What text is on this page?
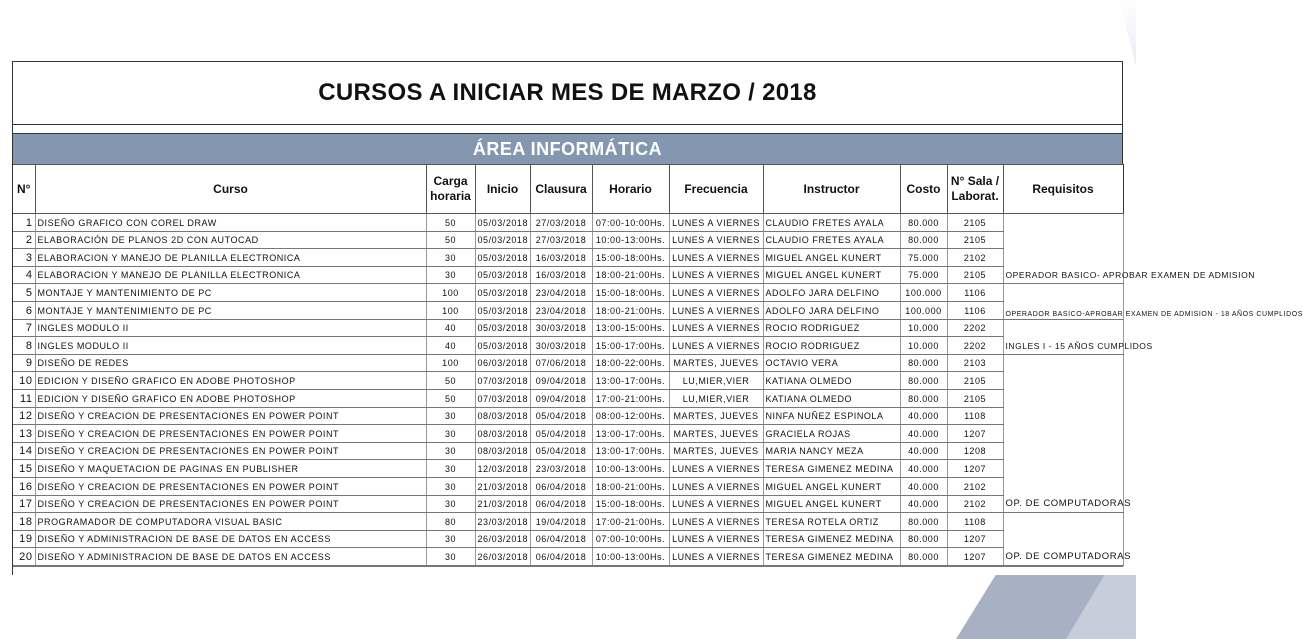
CURSOS A INICIAR MES DE MARZO / 2018
ÁREA INFORMÁTICA
N°	Curso	Carga horaria	Inicio	Clausura	Horario	Frecuencia	Instructor	Costo	N° Sala / Laborat.	Requisitos
1	DISEÑO GRAFICO CON COREL DRAW	50	05/03/2018	27/03/2018	07:00-10:00Hs.	LUNES A VIERNES	CLAUDIO FRETES AYALA	80.000	2105	OPERADOR BASICO- APROBAR EXAMEN DE ADMISION
2	ELABORACIÓN DE PLANOS 2D CON AUTOCAD	50	05/03/2018	27/03/2018	10:00-13:00Hs.	LUNES A VIERNES	CLAUDIO FRETES AYALA	80.000	2105	
3	ELABORACION Y MANEJO DE PLANILLA ELECTRONICA	30	05/03/2018	16/03/2018	15:00-18:00Hs.	LUNES A VIERNES	MIGUEL ANGEL KUNERT	75.000	2102	
4	ELABORACION Y MANEJO DE PLANILLA ELECTRONICA	30	05/03/2018	16/03/2018	18:00-21:00Hs.	LUNES A VIERNES	MIGUEL ANGEL KUNERT	75.000	2105	
5	MONTAJE Y MANTENIMIENTO DE PC	100	05/03/2018	23/04/2018	15:00-18:00Hs.	LUNES A VIERNES	ADOLFO JARA DELFINO	100.000	1106	OPERADOR BASICO-APROBAR EXAMEN DE ADMISION - 18 AÑOS CUMPLIDOS
6	MONTAJE Y MANTENIMIENTO DE PC	100	05/03/2018	23/04/2018	18:00-21:00Hs.	LUNES A VIERNES	ADOLFO JARA DELFINO	100.000	1106	
7	INGLES MODULO II	40	05/03/2018	30/03/2018	13:00-15:00Hs.	LUNES A VIERNES	ROCIO RODRIGUEZ	10.000	2202	INGLES I - 15 AÑOS CUMPLIDOS
8	INGLES MODULO II	40	05/03/2018	30/03/2018	15:00-17:00Hs.	LUNES A VIERNES	ROCIO RODRIGUEZ	10.000	2202	
9	DISEÑO DE REDES	100	06/03/2018	07/06/2018	18:00-22:00Hs.	MARTES, JUEVES	OCTAVIO VERA	80.000	2103	OP. DE COMPUTADORAS
10	EDICION Y DISEÑO GRAFICO EN ADOBE PHOTOSHOP	50	07/03/2018	09/04/2018	13:00-17:00Hs.	LU,MIER,VIER	KATIANA OLMEDO	80.000	2105	
11	EDICION Y DISEÑO GRAFICO EN ADOBE PHOTOSHOP	50	07/03/2018	09/04/2018	17:00-21:00Hs.	LU,MIER,VIER	KATIANA OLMEDO	80.000	2105	
12	DISEÑO Y CREACION DE PRESENTACIONES EN POWER POINT	30	08/03/2018	05/04/2018	08:00-12:00Hs.	MARTES, JUEVES	NINFA NUÑEZ ESPINOLA	40.000	1108	
13	DISEÑO Y CREACION DE PRESENTACIONES EN POWER POINT	30	08/03/2018	05/04/2018	13:00-17:00Hs.	MARTES, JUEVES	GRACIELA ROJAS	40.000	1207	
14	DISEÑO Y CREACION DE PRESENTACIONES EN POWER POINT	30	08/03/2018	05/04/2018	13:00-17:00Hs.	MARTES, JUEVES	MARIA NANCY MEZA	40.000	1208	
15	DISEÑO Y MAQUETACION DE PAGINAS EN PUBLISHER	30	12/03/2018	23/03/2018	10:00-13:00Hs.	LUNES A VIERNES	TERESA GIMENEZ MEDINA	40.000	1207	
16	DISEÑO Y CREACION DE PRESENTACIONES EN POWER POINT	30	21/03/2018	06/04/2018	18:00-21:00Hs.	LUNES A VIERNES	MIGUEL ANGEL KUNERT	40.000	2102	
17	DISEÑO Y CREACION DE PRESENTACIONES EN POWER POINT	30	21/03/2018	06/04/2018	15:00-18:00Hs.	LUNES A VIERNES	MIGUEL ANGEL KUNERT	40.000	2102	
18	PROGRAMADOR DE COMPUTADORA VISUAL BASIC	80	23/03/2018	19/04/2018	17:00-21:00Hs.	LUNES A VIERNES	TERESA ROTELA ORTIZ	80.000	1108	OP. DE COMPUTADORAS
19	DISEÑO Y ADMINISTRACION DE BASE DE DATOS EN ACCESS	30	26/03/2018	06/04/2018	07:00-10:00Hs.	LUNES A VIERNES	TERESA GIMENEZ MEDINA	80.000	1207	
20	DISEÑO Y ADMINISTRACION DE BASE DE DATOS EN ACCESS	30	26/03/2018	06/04/2018	10:00-13:00Hs.	LUNES A VIERNES	TERESA GIMENEZ MEDINA	80.000	1207	
